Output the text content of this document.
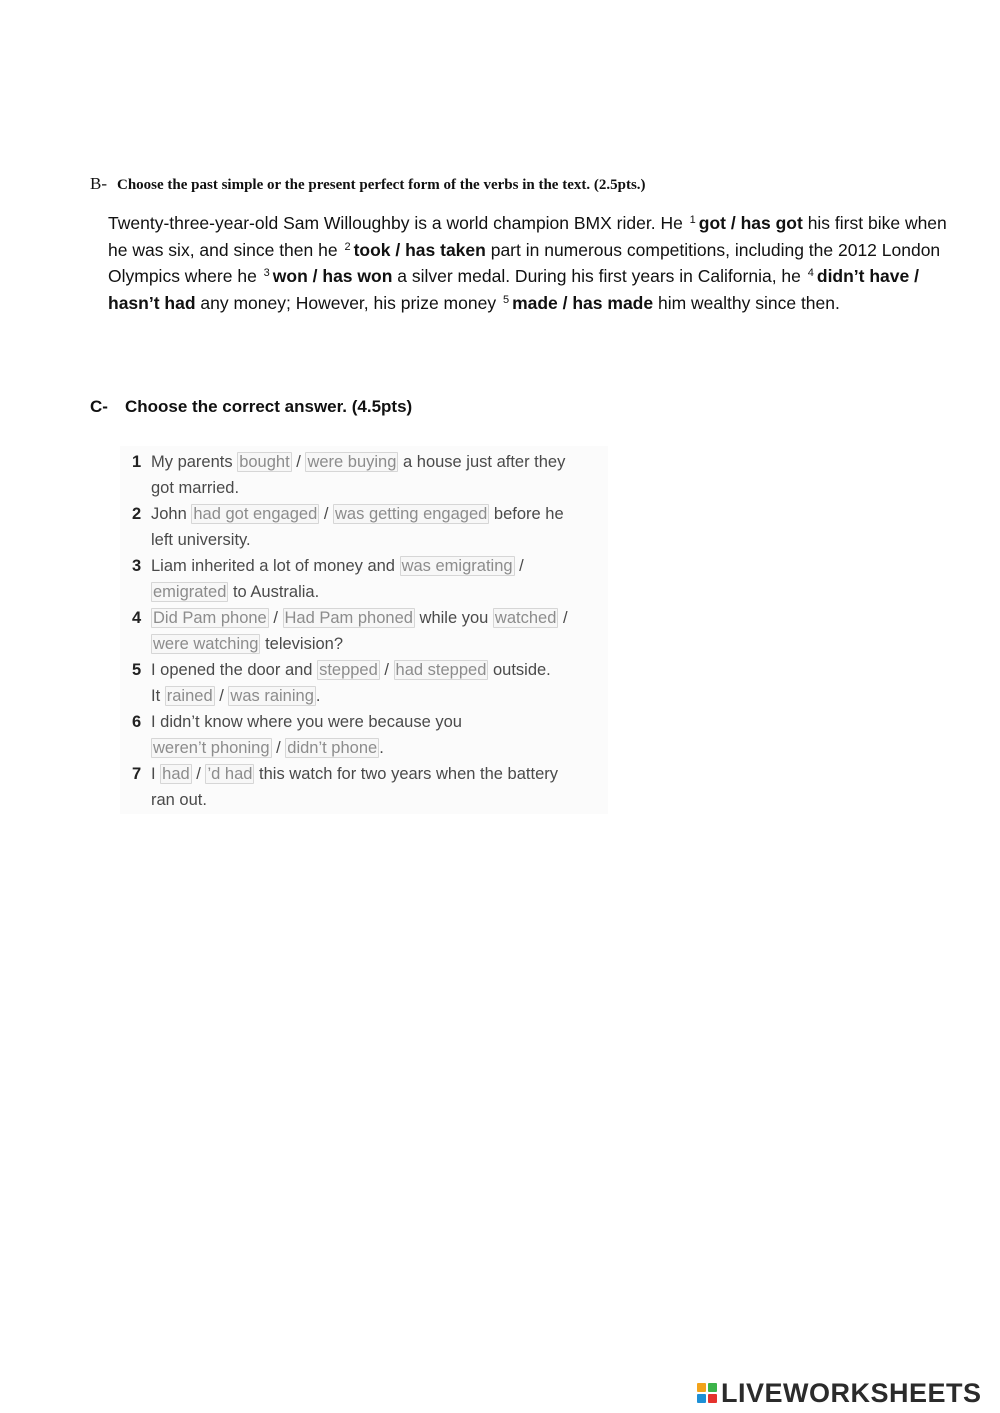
B- Choose the past simple or the present perfect form of the verbs in the text. (2.5pts.)
Twenty-three-year-old Sam Willoughby is a world champion BMX rider. He $^1$ got / has got his first bike when he was six, and since then he $^2$ took / has taken part in numerous competitions, including the 2012 London Olympics where he $^3$ won / has won a silver medal. During his first years in California, he $^4$ didn’t have / hasn’t had any money; However, his prize money $^5$ made / has made him wealthy since then.
C- Choose the correct answer. (4.5pts)
1 My parents bought / were buying a house just after they
got married.
2 John had got engaged / was getting engaged before he
left university.
3 Liam inherited a lot of money and was emigrating /
emigrated to Australia.
4 Did Pam phone / Had Pam phoned while you watched /
were watching television?
5 I opened the door and stepped / had stepped outside.
It rained / was raining .
6 I didn’t know where you were because you
weren’t phoning / didn’t phone .
7 I had / ’d had this watch for two years when the battery
ran out.
LIVEWORKSHEETS
